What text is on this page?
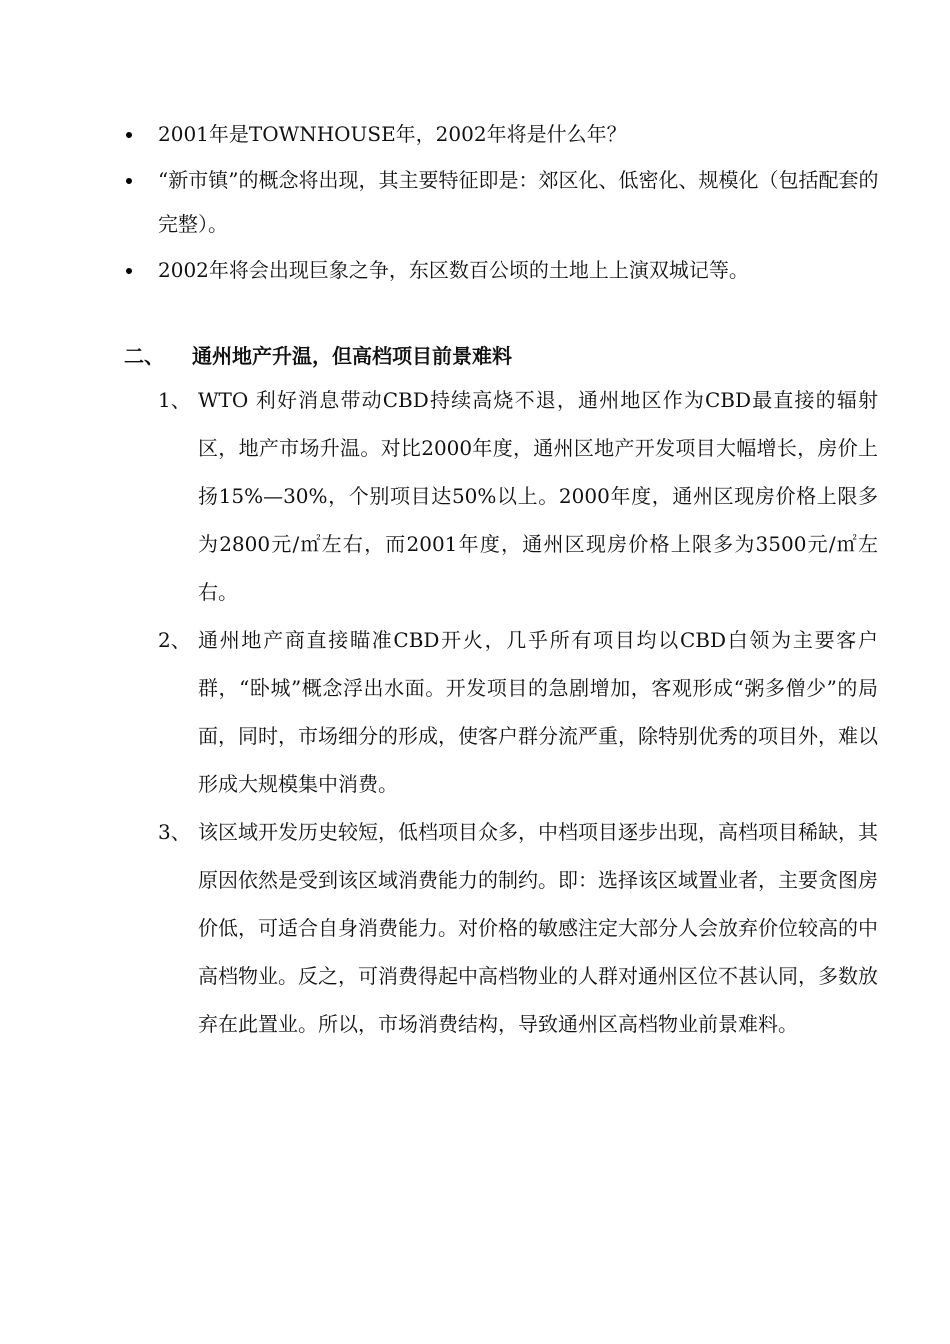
2001年是TOWNHOUSE年，2002年将是什么年？
“新市镇”的概念将出现，其主要特征即是：郊区化、低密化、规模化（包括配套的完整）。
2002年将会出现巨象之争，东区数百公顷的土地上上演双城记等。
二、 通州地产升温，但高档项目前景难料
1、 WTO 利好消息带动CBD持续高烧不退，通州地区作为CBD最直接的辐射区，地产市场升温。对比2000年度，通州区地产开发项目大幅增长，房价上扬15%—30%，个别项目达50%以上。2000年度，通州区现房价格上限多为2800元/㎡左右，而2001年度，通州区现房价格上限多为3500元/㎡左右。
2、 通州地产商直接瞄准CBD开火，几乎所有项目均以CBD白领为主要客户群，“卧城”概念浮出水面。开发项目的急剧增加，客观形成“粥多僧少”的局面，同时，市场细分的形成，使客户群分流严重，除特别优秀的项目外，难以形成大规模集中消费。
3、 该区域开发历史较短，低档项目众多，中档项目逐步出现，高档项目稀缺，其原因依然是受到该区域消费能力的制约。即：选择该区域置业者，主要贪图房价低，可适合自身消费能力。对价格的敏感注定大部分人会放弃价位较高的中高档物业。反之，可消费得起中高档物业的人群对通州区位不甚认同，多数放弃在此置业。所以，市场消费结构，导致通州区高档物业前景难料。
